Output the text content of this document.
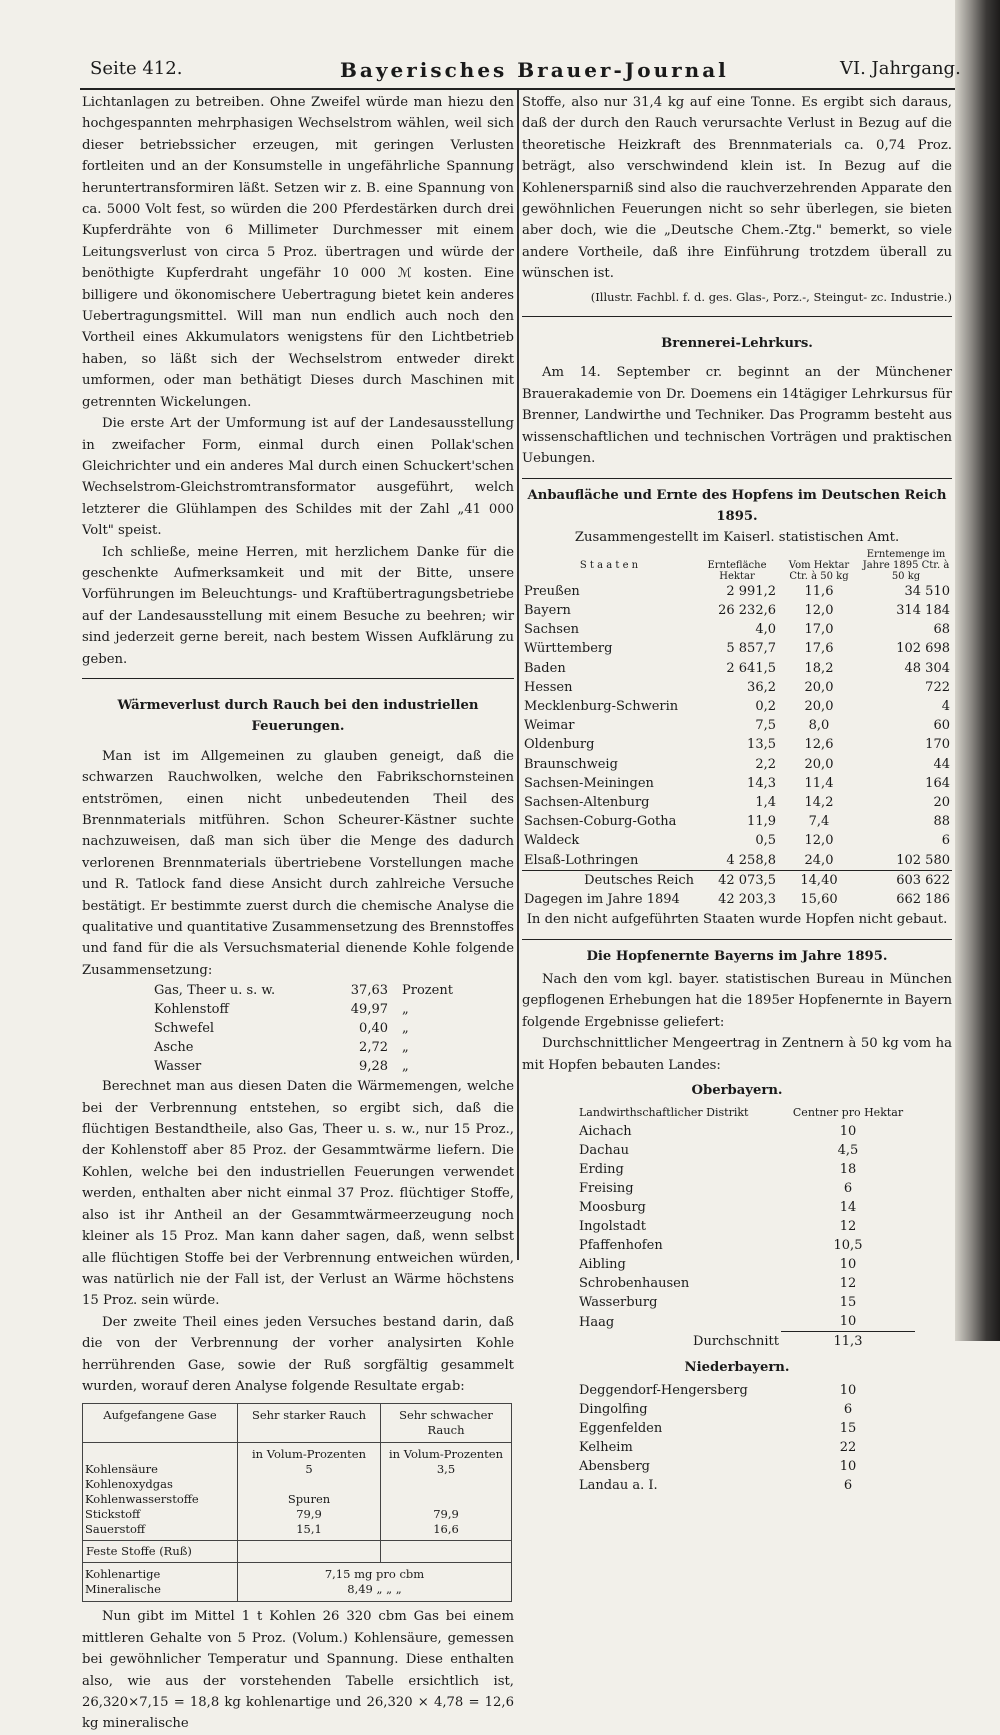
Seite 412.	Bayerisches Brauer-Journal	VI. Jahrgang.

Lichtanlagen zu betreiben. Ohne Zweifel würde man hiezu den hochgespannten mehrphasigen Wechselstrom wählen, weil sich dieser betriebssicher erzeugen, mit geringen Verlusten fortleiten und an der Konsumstelle in ungefährliche Spannung heruntertransformiren läßt. Setzen wir z. B. eine Spannung von ca. 5000 Volt fest, so würden die 200 Pferdestärken durch drei Kupferdrähte von 6 Millimeter Durchmesser mit einem Leitungsverlust von circa 5 Proz. übertragen und würde der benöthigte Kupferdraht ungefähr 10 000 ℳ kosten. Eine billigere und ökonomischere Uebertragung bietet kein anderes Uebertragungsmittel. Will man nun endlich auch noch den Vortheil eines Akkumulators wenigstens für den Lichtbetrieb haben, so läßt sich der Wechselstrom entweder direkt umformen, oder man bethätigt Dieses durch Maschinen mit getrennten Wickelungen.

Die erste Art der Umformung ist auf der Landesausstellung in zweifacher Form, einmal durch einen Pollak'schen Gleichrichter und ein anderes Mal durch einen Schuckert'schen Wechselstrom-Gleichstromtransformator ausgeführt, welch letzterer die Glühlampen des Schildes mit der Zahl „41 000 Volt" speist.

Ich schließe, meine Herren, mit herzlichem Danke für die geschenkte Aufmerksamkeit und mit der Bitte, unsere Vorführungen im Beleuchtungs- und Kraftübertragungsbetriebe auf der Landesausstellung mit einem Besuche zu beehren; wir sind jederzeit gerne bereit, nach bestem Wissen Aufklärung zu geben.

Wärmeverlust durch Rauch bei den industriellen Feuerungen.

Man ist im Allgemeinen zu glauben geneigt, daß die schwarzen Rauchwolken, welche den Fabrikschornsteinen entströmen, einen nicht unbedeutenden Theil des Brennmaterials mitführen. Schon Scheurer-Kästner suchte nachzuweisen, daß man sich über die Menge des dadurch verlorenen Brennmaterials übertriebene Vorstellungen mache und R. Tatlock fand diese Ansicht durch zahlreiche Versuche bestätigt. Er bestimmte zuerst durch die chemische Analyse die qualitative und quantitative Zusammensetzung des Brennstoffes und fand für die als Versuchsmaterial dienende Kohle folgende Zusammensetzung:

Gas, Theer u. s. w.	37,63	Prozent
Kohlenstoff	49,97	„
Schwefel	0,40	„
Asche	2,72	„
Wasser	9,28	„

Berechnet man aus diesen Daten die Wärmemengen, welche bei der Verbrennung entstehen, so ergibt sich, daß die flüchtigen Bestandtheile, also Gas, Theer u. s. w., nur 15 Proz., der Kohlenstoff aber 85 Proz. der Gesammtwärme liefern. Die Kohlen, welche bei den industriellen Feuerungen verwendet werden, enthalten aber nicht einmal 37 Proz. flüchtiger Stoffe, also ist ihr Antheil an der Gesammtwärmeerzeugung noch kleiner als 15 Proz. Man kann daher sagen, daß, wenn selbst alle flüchtigen Stoffe bei der Verbrennung entweichen würden, was natürlich nie der Fall ist, der Verlust an Wärme höchstens 15 Proz. sein würde.

Der zweite Theil eines jeden Versuches bestand darin, daß die von der Verbrennung der vorher analysirten Kohle herrührenden Gase, sowie der Ruß sorgfältig gesammelt wurden, worauf deren Analyse folgende Resultate ergab:

Aufgefangene Gase	Sehr starker Rauch	Sehr schwacher Rauch
	in Volum-Prozenten	in Volum-Prozenten
Kohlensäure	5	3,5
Kohlenoxydgas		
Kohlenwasserstoffe	Spuren	
Stickstoff	79,9	79,9
Sauerstoff	15,1	16,6
Feste Stoffe (Ruß)		
Kohlenartige	7,15 mg pro cbm	
Mineralische	8,49 „ „ „	

Nun gibt im Mittel 1 t Kohlen 26 320 cbm Gas bei einem mittleren Gehalte von 5 Proz. (Volum.) Kohlensäure, gemessen bei gewöhnlicher Temperatur und Spannung. Diese enthalten also, wie aus der vorstehenden Tabelle ersichtlich ist, 26,320×7,15 = 18,8 kg kohlenartige und 26,320 × 4,78 = 12,6 kg mineralische

Stoffe, also nur 31,4 kg auf eine Tonne. Es ergibt sich daraus, daß der durch den Rauch verursachte Verlust in Bezug auf die theoretische Heizkraft des Brennmaterials ca. 0,74 Proz. beträgt, also verschwindend klein ist. In Bezug auf die Kohlenersparniß sind also die rauchverzehrenden Apparate den gewöhnlichen Feuerungen nicht so sehr überlegen, sie bieten aber doch, wie die „Deutsche Chem.-Ztg." bemerkt, so viele andere Vortheile, daß ihre Einführung trotzdem überall zu wünschen ist.

(Illustr. Fachbl. f. d. ges. Glas-, Porz.-, Steingut- zc. Industrie.)
Brennerei-Lehrkurs.

Am 14. September cr. beginnt an der Münchener Brauerakademie von Dr. Doemens ein 14tägiger Lehrkursus für Brenner, Landwirthe und Techniker. Das Programm besteht aus wissenschaftlichen und technischen Vorträgen und praktischen Uebungen.

Anbaufläche und Ernte des Hopfens im Deutschen Reich 1895.
Zusammengestellt im Kaiserl. statistischen Amt.
S t a a t e n	Erntefläche Hektar	Vom Hektar Ctr. à 50 kg	Erntemenge im Jahre 1895 Ctr. à 50 kg
Preußen	2 991,2	11,6	34 510
Bayern	26 232,6	12,0	314 184
Sachsen	4,0	17,0	68
Württemberg	5 857,7	17,6	102 698
Baden	2 641,5	18,2	48 304
Hessen	36,2	20,0	722
Mecklenburg-Schwerin	0,2	20,0	4
Weimar	7,5	8,0	60
Oldenburg	13,5	12,6	170
Braunschweig	2,2	20,0	44
Sachsen-Meiningen	14,3	11,4	164
Sachsen-Altenburg	1,4	14,2	20
Sachsen-Coburg-Gotha	11,9	7,4	88
Waldeck	0,5	12,0	6
Elsaß-Lothringen	4 258,8	24,0	102 580
Deutsches Reich	42 073,5	14,40	603 622
Dagegen im Jahre 1894	42 203,3	15,60	662 186
In den nicht aufgeführten Staaten wurde Hopfen nicht gebaut.
Die Hopfenernte Bayerns im Jahre 1895.

Nach den vom kgl. bayer. statistischen Bureau in München gepflogenen Erhebungen hat die 1895er Hopfenernte in Bayern folgende Ergebnisse geliefert:

Durchschnittlicher Mengeertrag in Zentnern à 50 kg vom ha mit Hopfen bebauten Landes:

Oberbayern.
Landwirthschaftlicher Distrikt	Centner pro Hektar
Aichach	10
Dachau	4,5
Erding	18
Freising	6
Moosburg	14
Ingolstadt	12
Pfaffenhofen	10,5
Aibling	10
Schrobenhausen	12
Wasserburg	15
Haag	10
Durchschnitt	11,3
Niederbayern.
Deggendorf-Hengersberg	10
Dingolfing	6
Eggenfelden	15
Kelheim	22
Abensberg	10
Landau a. I.	6
